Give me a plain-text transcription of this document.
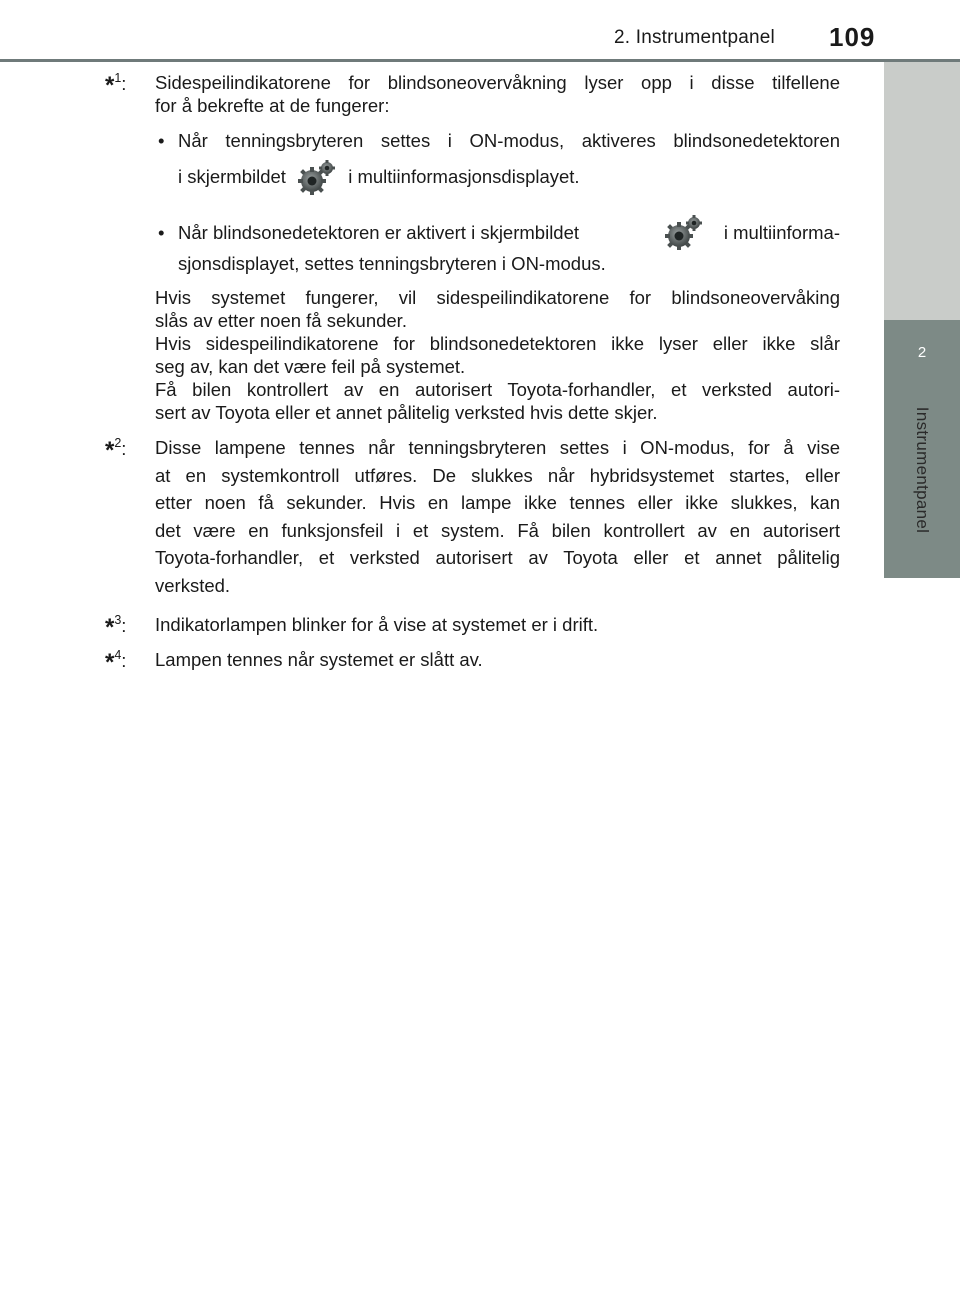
2. Instrumentpanel 109
2
Instrumentpanel
*$^1$: Sidespeilindikatorene for blindsoneovervåkning lyser opp i disse tilfellene
for å bekrefte at de fungerer:
• Når tenningsbryteren settes i ON-modus, aktiveres blindsonedetektoren
i skjermbildet	i multiinformasjonsdisplayet.
• Når blindsonedetektoren er aktivert i skjermbildet	i multiinforma-
sjonsdisplayet, settes tenningsbryteren i ON-modus.
Hvis systemet fungerer, vil sidespeilindikatorene for blindsoneovervåking
slås av etter noen få sekunder.
Hvis sidespeilindikatorene for blindsonedetektoren ikke lyser eller ikke slår
seg av, kan det være feil på systemet.
Få bilen kontrollert av en autorisert Toyota-forhandler, et verksted autori-
sert av Toyota eller et annet pålitelig verksted hvis dette skjer.
*$^2$: Disse lampene tennes når tenningsbryteren settes i ON-modus, for å vise
at en systemkontroll utføres. De slukkes når hybridsystemet startes, eller
etter noen få sekunder. Hvis en lampe ikke tennes eller ikke slukkes, kan
det være en funksjonsfeil i et system. Få bilen kontrollert av en autorisert
Toyota-forhandler, et verksted autorisert av Toyota eller et annet pålitelig
verksted.
*$^3$: Indikatorlampen blinker for å vise at systemet er i drift.
*$^4$: Lampen tennes når systemet er slått av.
